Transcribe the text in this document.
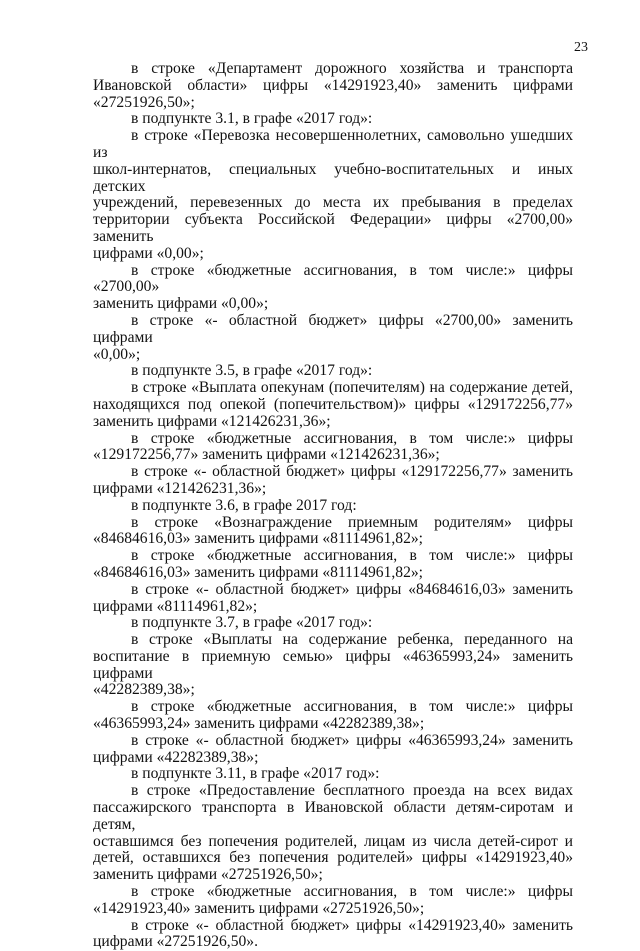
23

в строке «Департамент дорожного хозяйства и транспорта

Ивановской области» цифры «14291923,40» заменить цифрами

«27251926,50»;

в подпункте 3.1, в графе «2017 год»:

в строке «Перевозка несовершеннолетних, самовольно ушедших из

школ-интернатов, специальных учебно-воспитательных и иных детских

учреждений, перевезенных до места их пребывания в пределах

территории субъекта Российской Федерации» цифры «2700,00» заменить

цифрами «0,00»;

в строке «бюджетные ассигнования, в том числе:» цифры «2700,00»

заменить цифрами «0,00»;

в строке «- областной бюджет» цифры «2700,00» заменить цифрами

«0,00»;

в подпункте 3.5, в графе «2017 год»:

в строке «Выплата опекунам (попечителям) на содержание детей,

находящихся под опекой (попечительством)» цифры «129172256,77»

заменить цифрами «121426231,36»;

в строке «бюджетные ассигнования, в том числе:» цифры

«129172256,77» заменить цифрами «121426231,36»;

в строке «- областной бюджет» цифры «129172256,77» заменить

цифрами «121426231,36»;

в подпункте 3.6, в графе 2017 год:

в строке «Вознаграждение приемным родителям» цифры

«84684616,03» заменить цифрами «81114961,82»;

в строке «бюджетные ассигнования, в том числе:» цифры

«84684616,03» заменить цифрами «81114961,82»;

в строке «- областной бюджет» цифры «84684616,03» заменить

цифрами «81114961,82»;

в подпункте 3.7, в графе «2017 год»:

в строке «Выплаты на содержание ребенка, переданного на

воспитание в приемную семью» цифры «46365993,24» заменить цифрами

«42282389,38»;

в строке «бюджетные ассигнования, в том числе:» цифры

«46365993,24» заменить цифрами «42282389,38»;

в строке «- областной бюджет» цифры «46365993,24» заменить

цифрами «42282389,38»;

в подпункте 3.11, в графе «2017 год»:

в строке «Предоставление бесплатного проезда на всех видах

пассажирского транспорта в Ивановской области детям-сиротам и детям,

оставшимся без попечения родителей, лицам из числа детей-сирот и

детей, оставшихся без попечения родителей» цифры «14291923,40»

заменить цифрами «27251926,50»;

в строке «бюджетные ассигнования, в том числе:» цифры

«14291923,40» заменить цифрами «27251926,50»;

в строке «- областной бюджет» цифры «14291923,40» заменить

цифрами «27251926,50».
